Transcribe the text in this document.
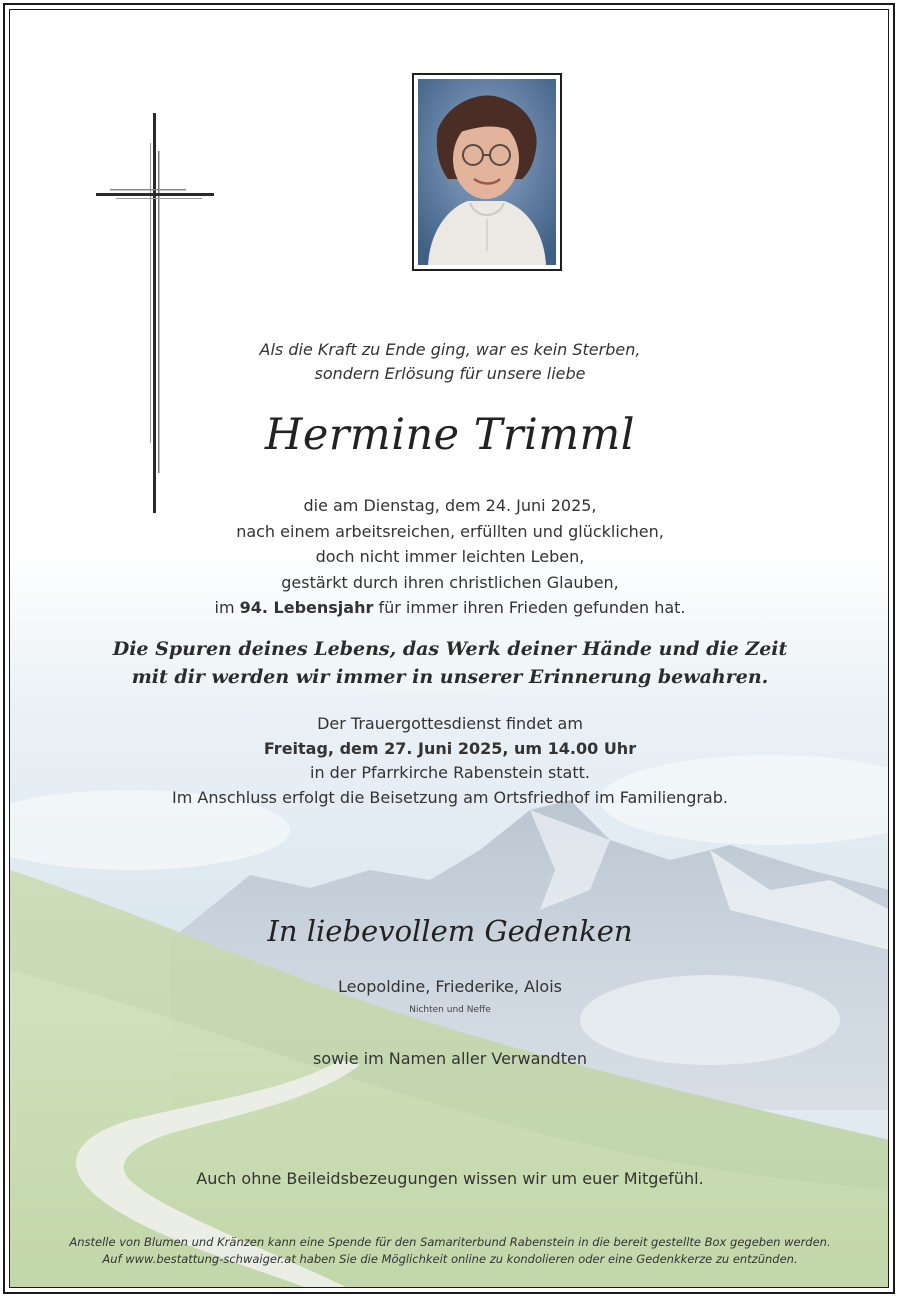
Als die Kraft zu Ende ging, war es kein Sterben,
sondern Erlösung für unsere liebe
Hermine Trimml
die am Dienstag, dem 24. Juni 2025,
nach einem arbeitsreichen, erfüllten und glücklichen,
doch nicht immer leichten Leben,
gestärkt durch ihren christlichen Glauben,
im 94. Lebensjahr für immer ihren Frieden gefunden hat.
Die Spuren deines Lebens, das Werk deiner Hände und die Zeit
mit dir werden wir immer in unserer Erinnerung bewahren.
Der Trauergottesdienst findet am
Freitag, dem 27. Juni 2025, um 14.00 Uhr
in der Pfarrkirche Rabenstein statt.
Im Anschluss erfolgt die Beisetzung am Ortsfriedhof im Familiengrab.
In liebevollem Gedenken
Leopoldine, Friederike, Alois
Nichten und Neffe
sowie im Namen aller Verwandten
Auch ohne Beileidsbezeugungen wissen wir um euer Mitgefühl.
Anstelle von Blumen und Kränzen kann eine Spende für den Samariterbund Rabenstein in die bereit gestellte Box gegeben werden.
Auf www.bestattung-schwaiger.at haben Sie die Möglichkeit online zu kondolieren oder eine Gedenkkerze zu entzünden.
